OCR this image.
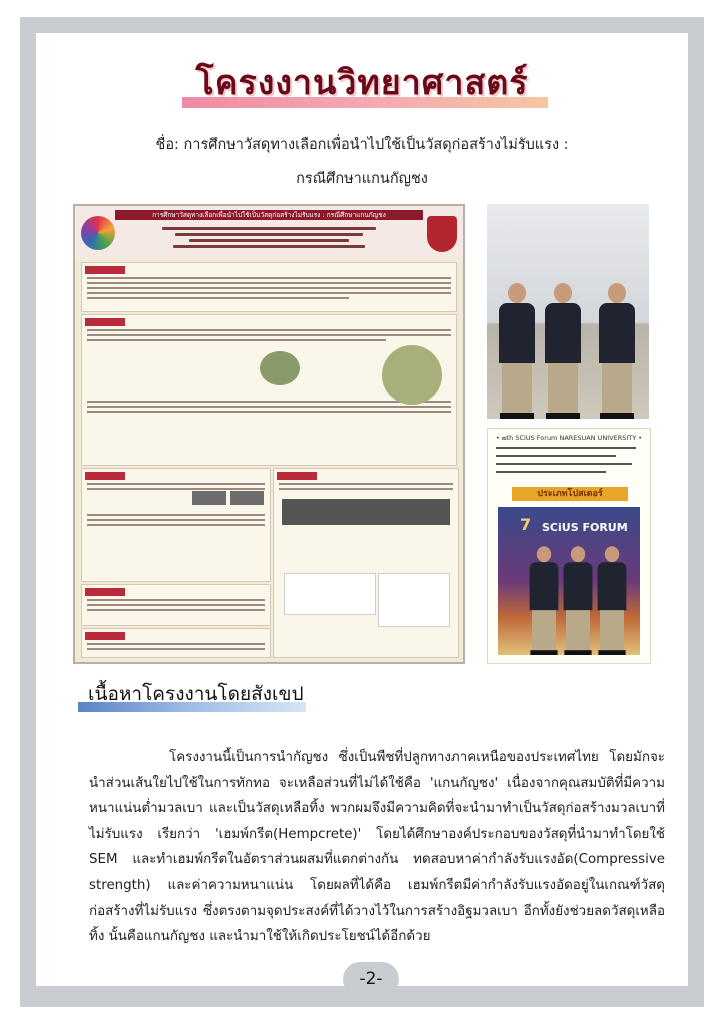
โครงงานวิทยาศาสตร์
ชื่อ: การศึกษาวัสดุทางเลือกเพื่อนำไปใช้เป็นวัสดุก่อสร้างไม่รับแรง :
กรณีศึกษาแกนกัญชง
การศึกษาวัสดุทางเลือกเพื่อนำไปใช้เป็นวัสดุก่อสร้างไม่รับแรง : กรณีศึกษาแกนกัญชง
• ๗th SCiUS Forum NARESUAN UNIVERSITY •
ประเภทโปสเตอร์
7 SCiUS FORUM
เนื้อหาโครงงานโดยสังเขป

โครงงานนี้เป็นการนำกัญชง ซึ่งเป็นพืชที่ปลูกทางภาคเหนือของประเทศไทย โดยมักจะนำส่วนเส้นใยไปใช้ในการทักทอ จะเหลือส่วนที่ไม่ได้ใช้คือ 'แกนกัญชง' เนื่องจากคุณสมบัติที่มีความหนาแน่นต่ำมวลเบา และเป็นวัสดุเหลือทิ้ง พวกผมจึงมีความคิดที่จะนำมาทำเป็นวัสดุก่อสร้างมวลเบาที่ไม่รับแรง เรียกว่า 'เฮมพ์กรีต(Hempcrete)' โดยได้ศึกษาองค์ประกอบของวัสดุที่นำมาทำโดยใช้ SEM และทำเฮมพ์กรีตในอัตราส่วนผสมที่แตกต่างกัน ทดสอบหาค่ากำลังรับแรงอัด(Compressive strength) และค่าความหนาแน่น โดยผลที่ได้คือ เฮมพ์กรีตมีค่ากำลังรับแรงอัดอยู่ในเกณฑ์วัสดุก่อสร้างที่ไม่รับแรง ซึ่งตรงตามจุดประสงค์ที่ได้วางไว้ในการสร้างอิฐมวลเบา อีกทั้งยังช่วยลดวัสดุเหลือทิ้ง นั้นคือแกนกัญชง และนำมาใช้ให้เกิดประโยชน์ได้อีกด้วย

-2-
